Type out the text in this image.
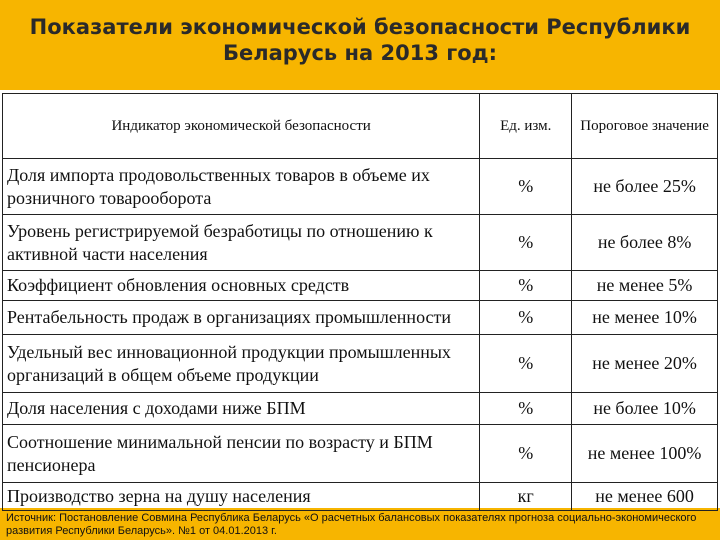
Показатели экономической безопасности Республики
Беларусь на 2013 год:
Индикатор экономической безопасности	Ед. изм.	Пороговое значение
Доля импорта продовольственных товаров в объеме их розничного товарооборота	%	не более 25%
Уровень регистрируемой безработицы по отношению к активной части населения	%	не более 8%
Коэффициент обновления основных средств	%	не менее 5%
Рентабельность продаж в организациях промышленности	%	не менее 10%
Удельный вес инновационной продукции промышленных организаций в общем объеме продукции	%	не менее 20%
Доля населения с доходами ниже БПМ	%	не более 10%
Соотношение минимальной пенсии по возрасту и БПМ пенсионера	%	не менее 100%
Производство зерна на душу населения	кг	не менее 600
Источник: Постановление Совмина Республика Беларусь «О расчетных балансовых показателях прогноза социально-экономического развития Республики Беларусь». №1 от 04.01.2013 г.
